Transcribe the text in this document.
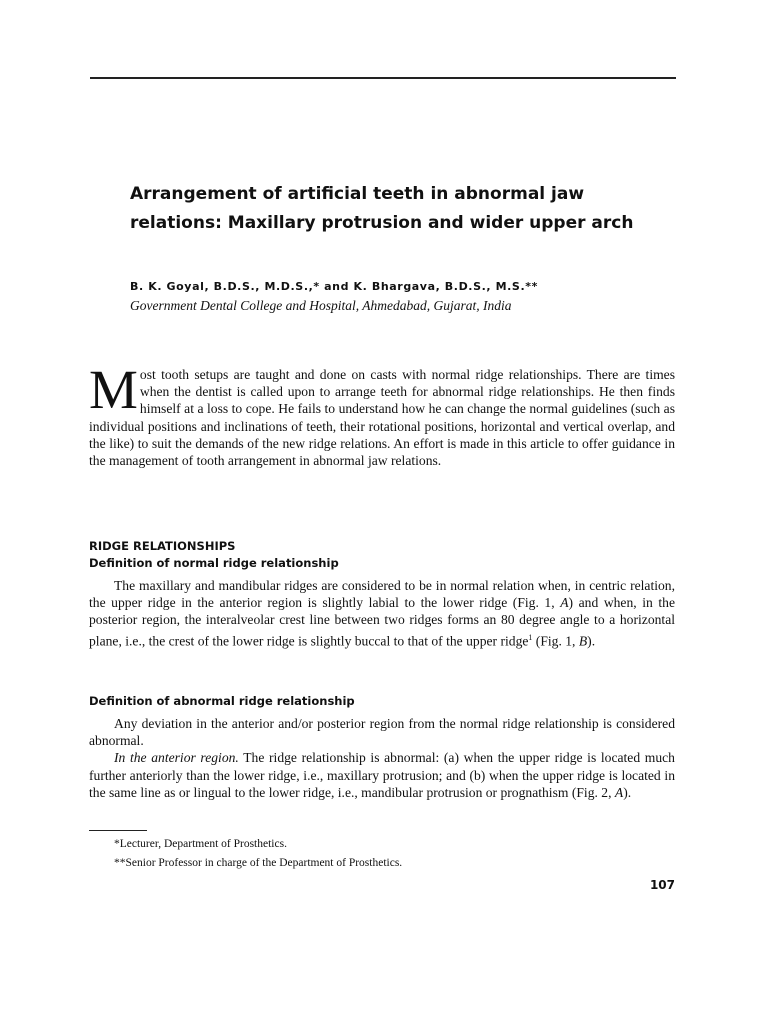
Arrangement of artificial teeth in abnormal jaw relations: Maxillary protrusion and wider upper arch
B. K. Goyal, B.D.S., M.D.S.,* and K. Bhargava, B.D.S., M.S.**
Government Dental College and Hospital, Ahmedabad, Gujarat, India
Most tooth setups are taught and done on casts with normal ridge relationships. There are times when the dentist is called upon to arrange teeth for abnormal ridge relationships. He then finds himself at a loss to cope. He fails to understand how he can change the normal guidelines (such as individual positions and inclinations of teeth, their rotational positions, horizontal and vertical overlap, and the like) to suit the demands of the new ridge relations. An effort is made in this article to offer guidance in the management of tooth arrangement in abnormal jaw relations.
RIDGE RELATIONSHIPS
Definition of normal ridge relationship

The maxillary and mandibular ridges are considered to be in normal relation when, in centric relation, the upper ridge in the anterior region is slightly labial to the lower ridge (Fig. 1, A) and when, in the posterior region, the interalveolar crest line between two ridges forms an 80 degree angle to a horizontal plane, i.e., the crest of the lower ridge is slightly buccal to that of the upper ridge$^1$ (Fig. 1, B).

Definition of abnormal ridge relationship

Any deviation in the anterior and/or posterior region from the normal ridge relationship is considered abnormal.

In the anterior region. The ridge relationship is abnormal: (a) when the upper ridge is located much further anteriorly than the lower ridge, i.e., maxillary protrusion; and (b) when the upper ridge is located in the same line as or lingual to the lower ridge, i.e., mandibular protrusion or prognathism (Fig. 2, A).

*Lecturer, Department of Prosthetics.
**Senior Professor in charge of the Department of Prosthetics.
107
